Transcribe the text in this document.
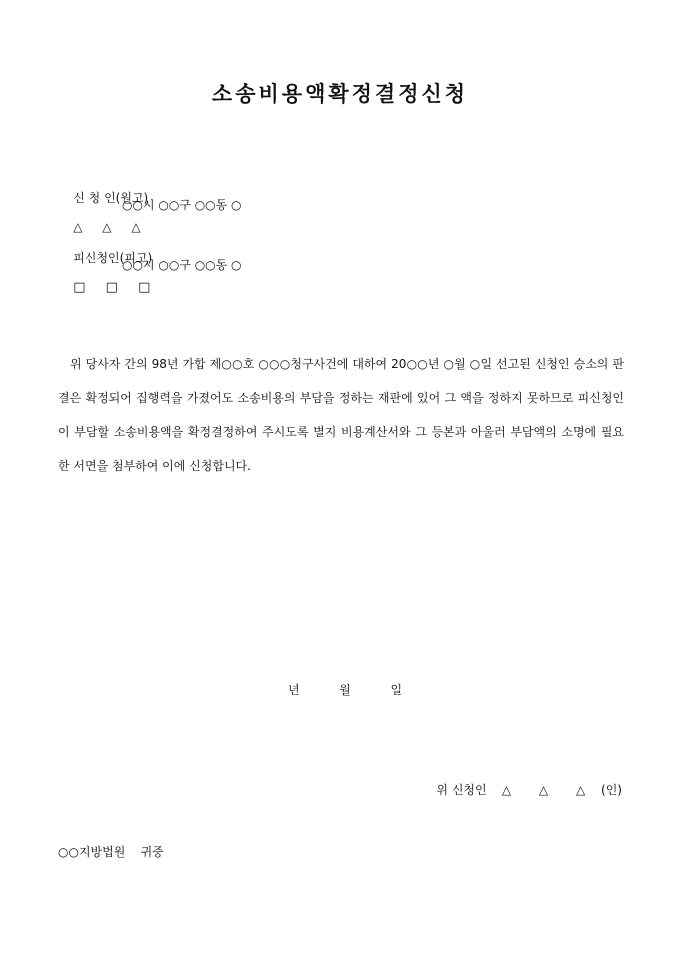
소송비용액확정결정신청

신 청 인(원고)

△ △ △

○○시 ○○구 ○○동 ○

피신청인(피고)

□ □ □

○○시 ○○구 ○○동 ○
위 당사자 간의 98년 가합 제○○호 ○○○청구사건에 대하여 20○○년 ○월 ○일 선고된 신청인 승소의 판결은 확정되어 집행력을 가졌어도 소송비용의 부담을 정하는 재판에 있어 그 액을 정하지 못하므로 피신청인이 부담할 소송비용액을 확정결정하여 주시도록 별지 비용계산서와 그 등본과 아울러 부담액의 소명에 필요한 서면을 첨부하여 이에 신청합니다.
년	월	일
위 신청인 △ △ △ (인)
○○지방법원 귀중
